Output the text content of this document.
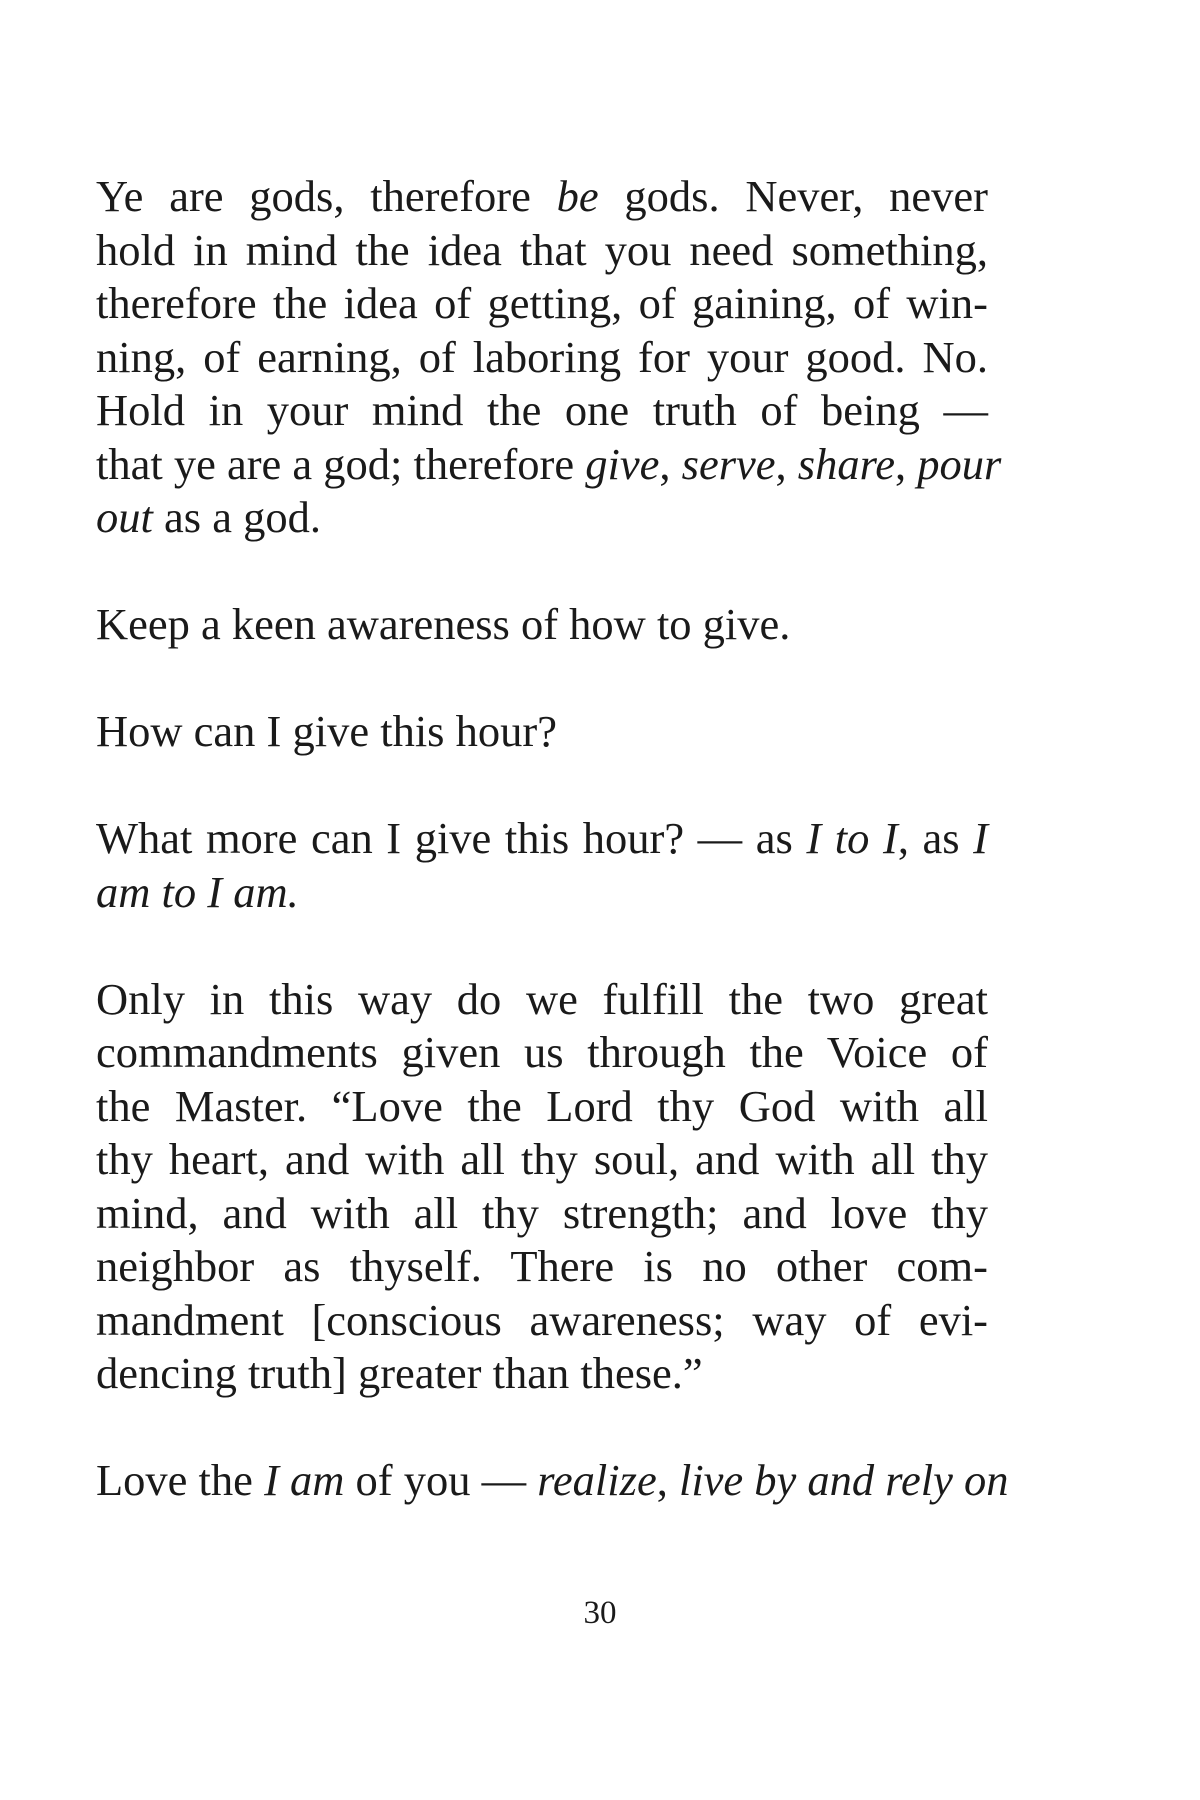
Ye are gods, therefore be gods. Never, never
hold in mind the idea that you need something,
therefore the idea of getting, of gaining, of win-
ning, of earning, of laboring for your good. No.
Hold in your mind the one truth of being —
that ye are a god; therefore give, serve, share, pour
out as a god.
Keep a keen awareness of how to give.
How can I give this hour?
What more can I give this hour? — as I to I, as I
am to I am.
Only in this way do we fulfill the two great
commandments given us through the Voice of
the Master. “Love the Lord thy God with all
thy heart, and with all thy soul, and with all thy
mind, and with all thy strength; and love thy
neighbor as thyself. There is no other com-
mandment [conscious awareness; way of evi-
dencing truth] greater than these.”
Love the I am of you — realize, live by and rely on
30
